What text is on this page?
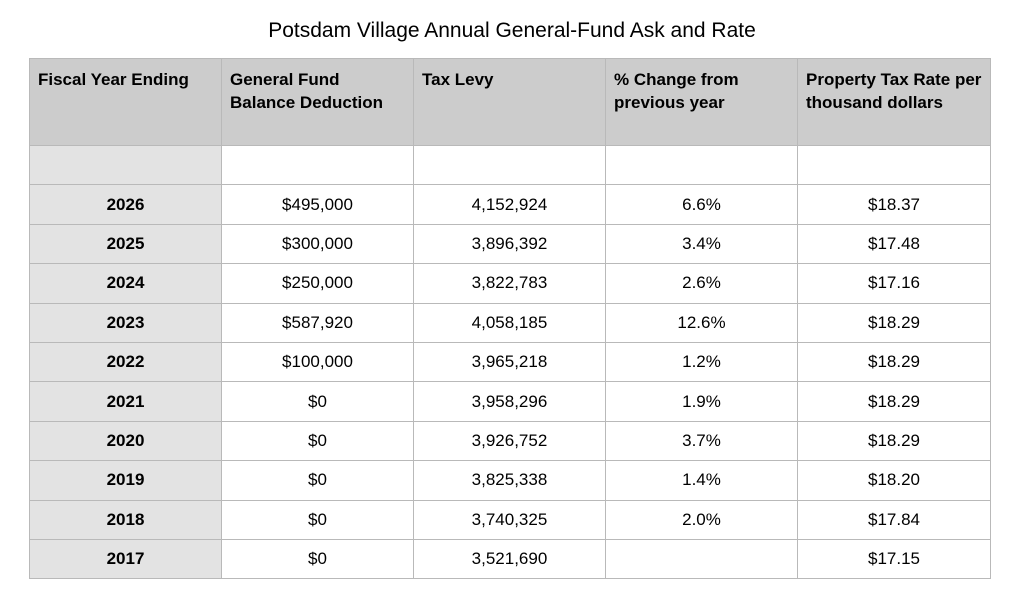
Potsdam Village Annual General-Fund Ask and Rate
Fiscal Year Ending	General Fund Balance Deduction	Tax Levy	% Change from previous year	Property Tax Rate per thousand dollars

2026	$495,000	4,152,924	6.6%	$18.37
2025	$300,000	3,896,392	3.4%	$17.48
2024	$250,000	3,822,783	2.6%	$17.16
2023	$587,920	4,058,185	12.6%	$18.29
2022	$100,000	3,965,218	1.2%	$18.29
2021	$0	3,958,296	1.9%	$18.29
2020	$0	3,926,752	3.7%	$18.29
2019	$0	3,825,338	1.4%	$18.20
2018	$0	3,740,325	2.0%	$17.84
2017	$0	3,521,690		$17.15
